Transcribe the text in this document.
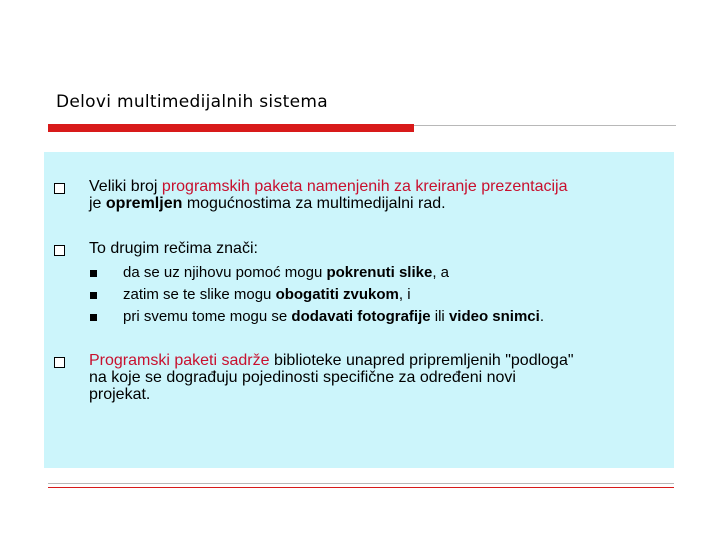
Delovi multimedijalnih sistema
Veliki broj programskih paketa namenjenih za kreiranje prezentacija
je opremljen mogućnostima za multimedijalni rad.
To drugim rečima znači:
da se uz njihovu pomoć mogu pokrenuti slike, a
zatim se te slike mogu obogatiti zvukom, i
pri svemu tome mogu se dodavati fotografije ili video snimci.
Programski paketi sadrže biblioteke unapred pripremljenih "podloga"
na koje se dograđuju pojedinosti specifične za određeni novi
projekat.
